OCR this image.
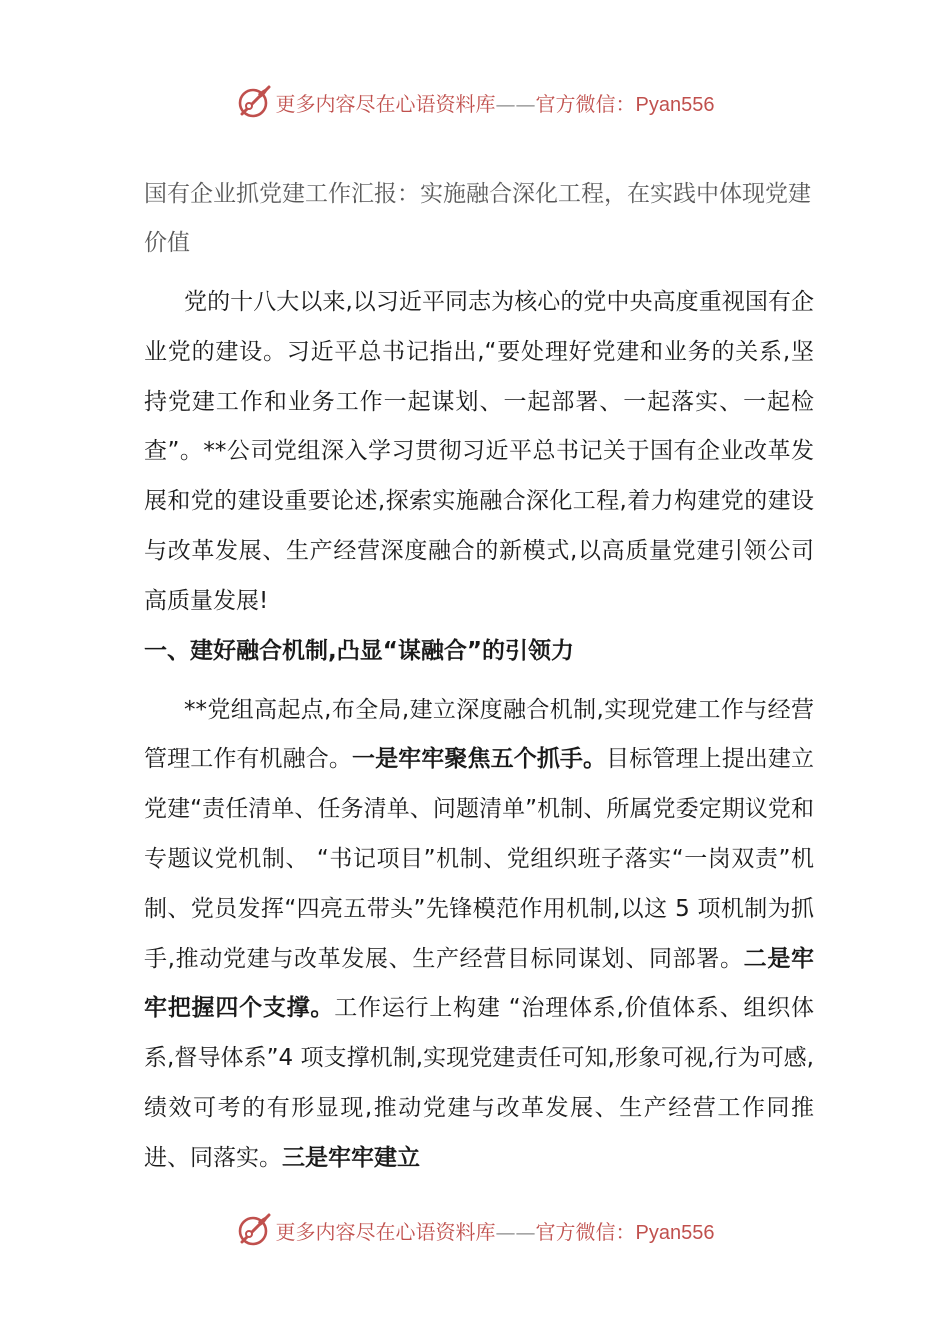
更多内容尽在心语资料库——官方微信：Pyan556
国有企业抓党建工作汇报：实施融合深化工程，在实践中体现党建价值

党的十八大以来,以习近平同志为核心的党中央高度重视国有企业党的建设。习近平总书记指出,“要处理好党建和业务的关系,坚持党建工作和业务工作一起谋划、一起部署、一起落实、一起检查”。**公司党组深入学习贯彻习近平总书记关于国有企业改革发展和党的建设重要论述,探索实施融合深化工程,着力构建党的建设与改革发展、生产经营深度融合的新模式,以高质量党建引领公司高质量发展!

一、建好融合机制,凸显“谋融合”的引领力

**党组高起点,布全局,建立深度融合机制,实现党建工作与经营管理工作有机融合。一是牢牢聚焦五个抓手。目标管理上提出建立党建“责任清单、任务清单、问题清单”机制、所属党委定期议党和专题议党机制、 “书记项目”机制、党组织班子落实“一岗双责”机制、党员发挥“四亮五带头”先锋模范作用机制,以这 5 项机制为抓手,推动党建与改革发展、生产经营目标同谋划、同部署。二是牢牢把握四个支撑。工作运行上构建 “治理体系,价值体系、组织体系,督导体系”4 项支撑机制,实现党建责任可知,形象可视,行为可感,绩效可考的有形显现,推动党建与改革发展、生产经营工作同推进、同落实。三是牢牢建立

更多内容尽在心语资料库——官方微信：Pyan556
